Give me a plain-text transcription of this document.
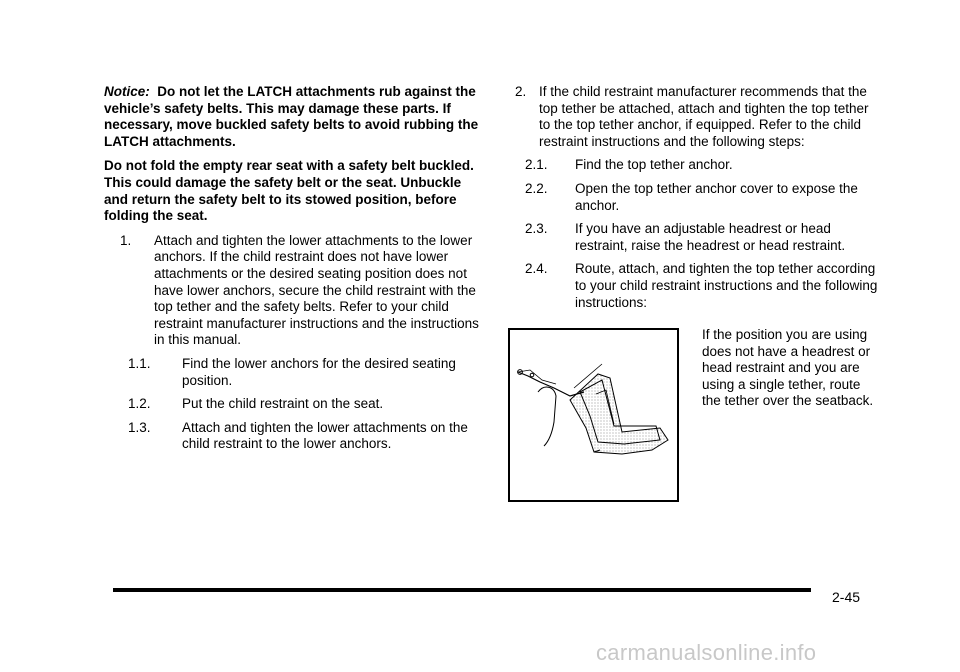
Notice: Do not let the LATCH attachments rub against the vehicle’s safety belts. This may damage these parts. If necessary, move buckled safety belts to avoid rubbing the LATCH attachments.

Do not fold the empty rear seat with a safety belt buckled. This could damage the safety belt or the seat. Unbuckle and return the safety belt to its stowed position, before folding the seat.

1. Attach and tighten the lower attachments to the lower anchors. If the child restraint does not have lower attachments or the desired seating position does not have lower anchors, secure the child restraint with the top tether and the safety belts. Refer to your child restraint manufacturer instructions and the instructions in this manual.
1.1. Find the lower anchors for the desired seating position.
1.2. Put the child restraint on the seat.
1.3. Attach and tighten the lower attachments on the child restraint to the lower anchors.
2. If the child restraint manufacturer recommends that the top tether be attached, attach and tighten the top tether to the top tether anchor, if equipped. Refer to the child restraint instructions and the following steps:
2.1. Find the top tether anchor.
2.2. Open the top tether anchor cover to expose the anchor.
2.3. If you have an adjustable headrest or head restraint, raise the headrest or head restraint.
2.4. Route, attach, and tighten the top tether according to your child restraint instructions and the following instructions:
If the position you are using does not have a headrest or head restraint and you are using a single tether, route the tether over the seatback.
2-45
carmanualsonline.info
